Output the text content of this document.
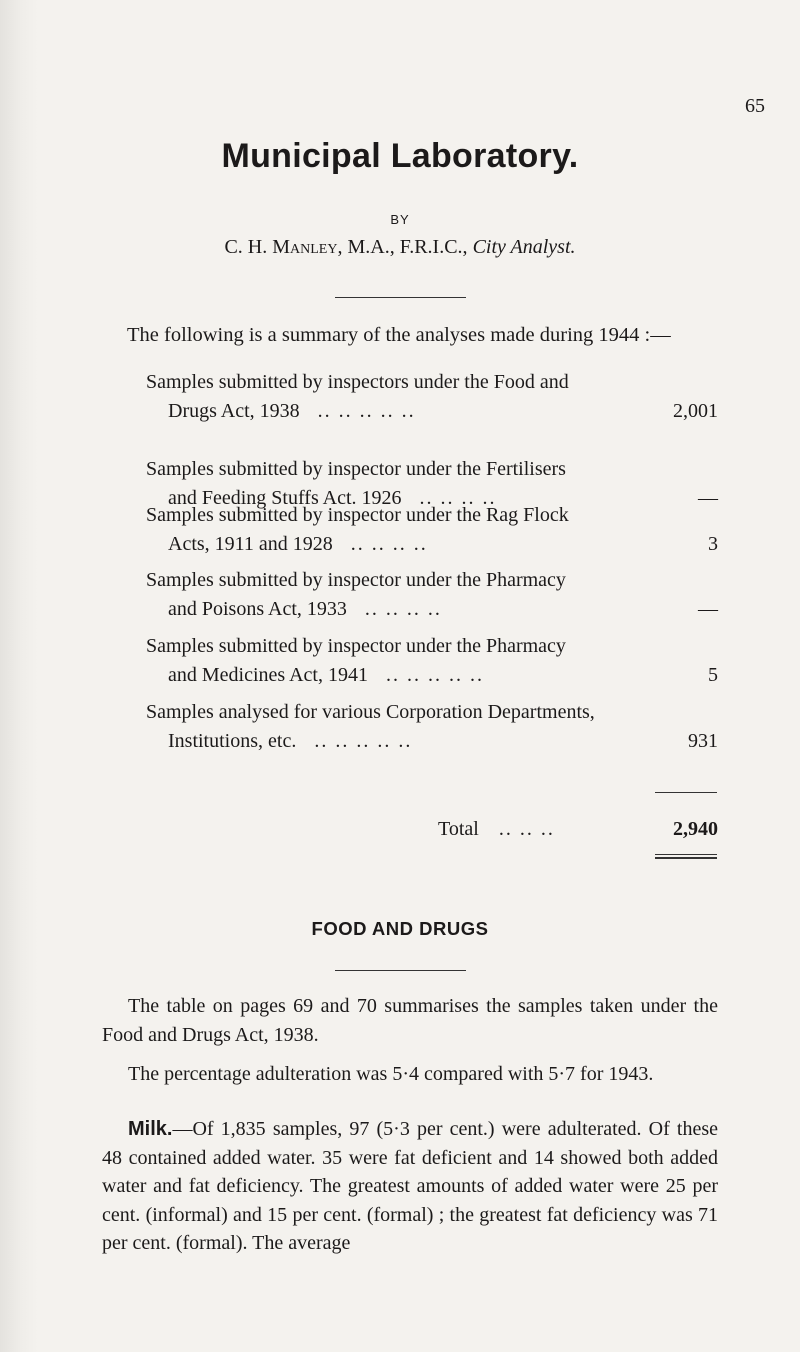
65
Municipal Laboratory.
BY
C. H. Manley, M.A., F.R.I.C., City Analyst.
The following is a summary of the analyses made during 1944 :—
Samples submitted by inspectors under the Food and
Drugs Act, 1938 .. .. .. .. ..	2,001
Samples submitted by inspector under the Fertilisers
and Feeding Stuffs Act. 1926 .. .. .. ..	—
Samples submitted by inspector under the Rag Flock
Acts, 1911 and 1928 .. .. .. ..	3
Samples submitted by inspector under the Pharmacy
and Poisons Act, 1933 .. .. .. ..	—
Samples submitted by inspector under the Pharmacy
and Medicines Act, 1941 .. .. .. .. ..	5
Samples analysed for various Corporation Departments,
Institutions, etc. .. .. .. .. ..	931
Total .. .. ..	2,940
FOOD AND DRUGS
The table on pages 69 and 70 summarises the samples taken under the Food and Drugs Act, 1938.
The percentage adulteration was 5·4 compared with 5·7 for 1943.
Milk.—Of 1,835 samples, 97 (5·3 per cent.) were adulterated. Of these 48 contained added water. 35 were fat deficient and 14 showed both added water and fat deficiency. The greatest amounts of added water were 25 per cent. (informal) and 15 per cent. (formal) ; the greatest fat deficiency was 71 per cent. (formal). The average
